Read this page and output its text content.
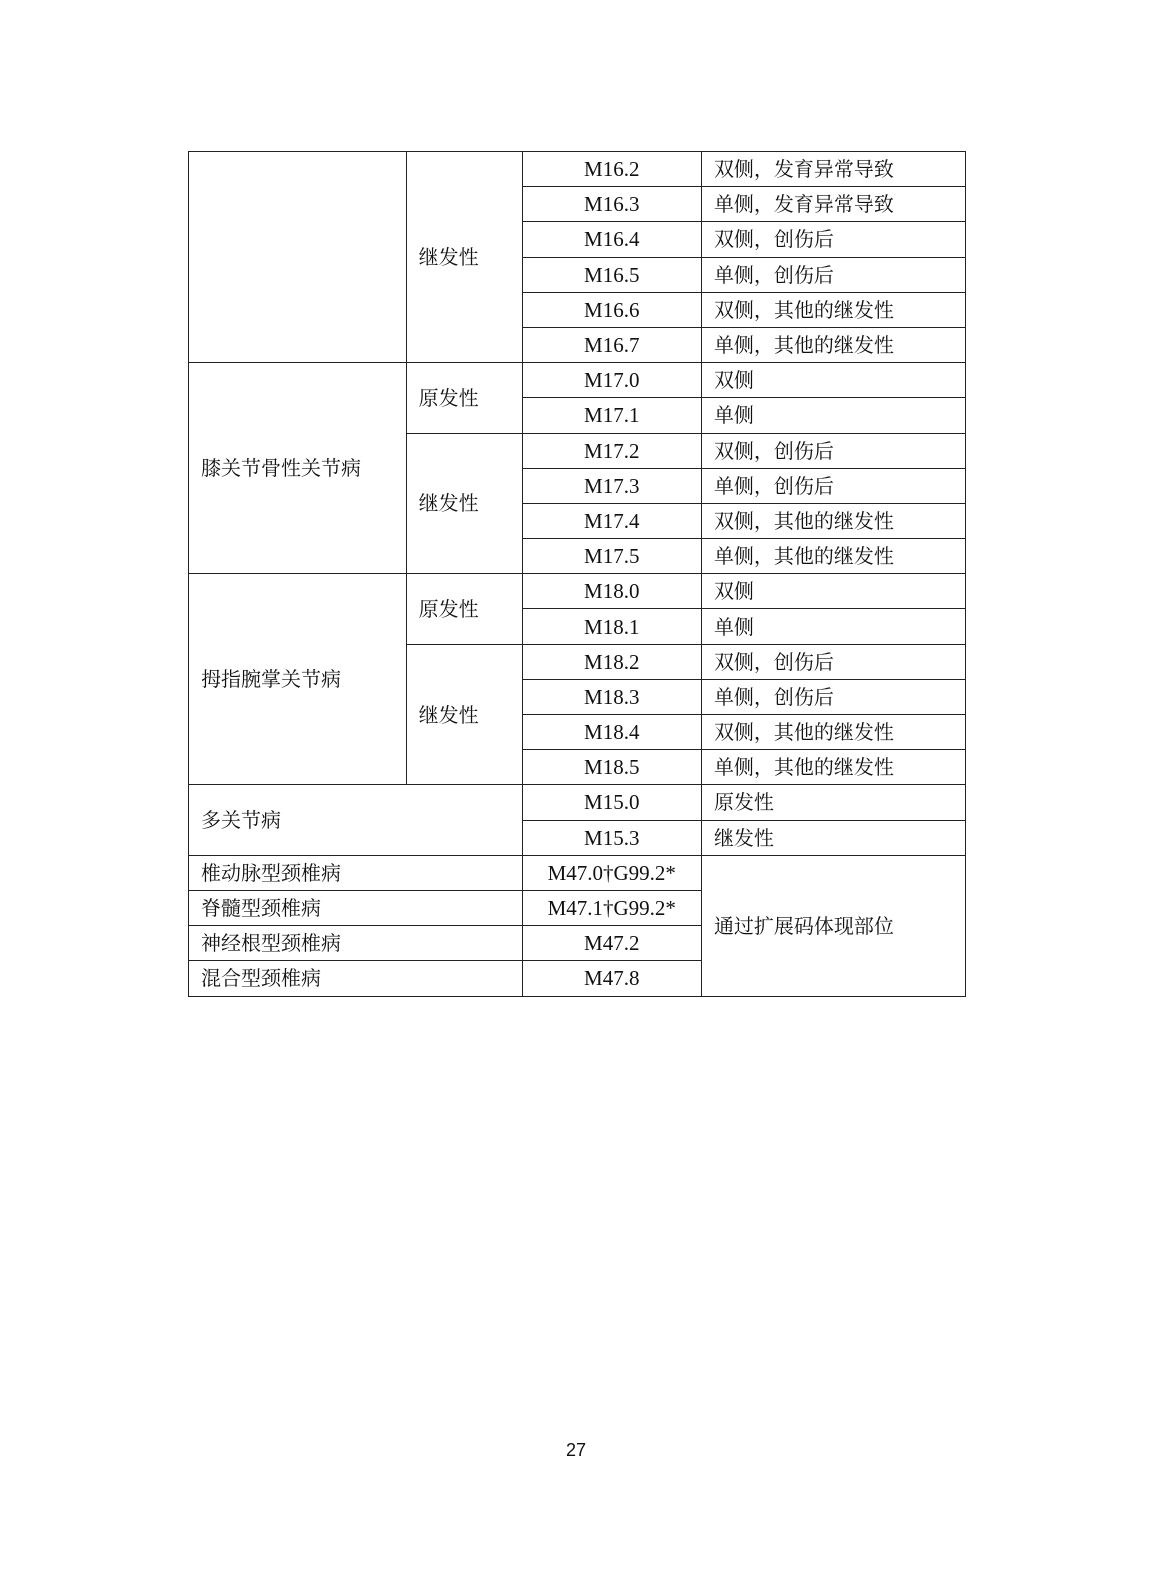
	继发性	M16.2	双侧，发育异常导致
		M16.3	单侧，发育异常导致
		M16.4	双侧，创伤后
		M16.5	单侧，创伤后
		M16.6	双侧，其他的继发性
		M16.7	单侧，其他的继发性
膝关节骨性关节病	原发性	M17.0	双侧
		M17.1	单侧
	继发性	M17.2	双侧，创伤后
		M17.3	单侧，创伤后
		M17.4	双侧，其他的继发性
		M17.5	单侧，其他的继发性
拇指腕掌关节病	原发性	M18.0	双侧
		M18.1	单侧
	继发性	M18.2	双侧，创伤后
		M18.3	单侧，创伤后
		M18.4	双侧，其他的继发性
		M18.5	单侧，其他的继发性
多关节病		M15.0	原发性
		M15.3	继发性
椎动脉型颈椎病		M47.0†G99.2*	通过扩展码体现部位
脊髓型颈椎病		M47.1†G99.2*	
神经根型颈椎病		M47.2	
混合型颈椎病		M47.8	
27
